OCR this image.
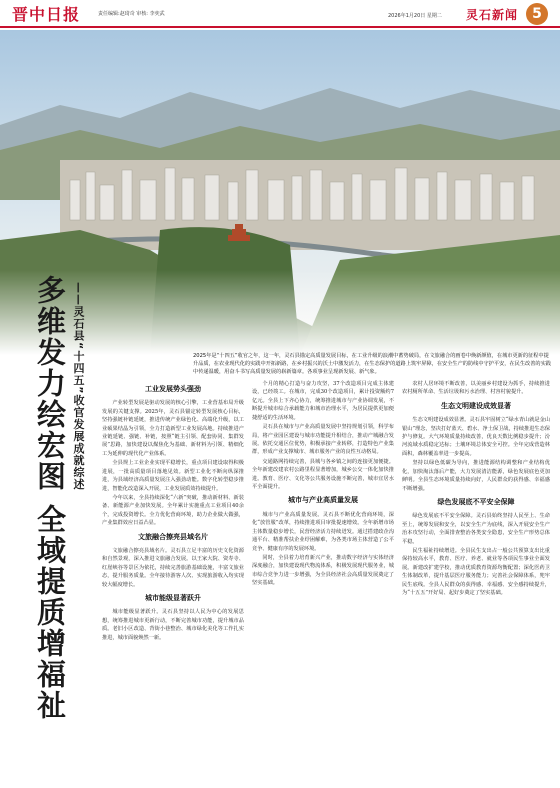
晋中日报	责任编辑:赵琦奇 审核: 李奕武	2026年1月20日 星期二 灵石新闻 5
2025年是“十四五”收官之年，这一年，灵石县锚定高质量发展目标，在工业升级的浪潮中蓄势破局，在文旅融合的画卷中焕新颜值，在城市更新的征程中提升品质，在农业现代化的实践中开拓新路，在乡村振兴的沃土中激发活力，在生态保护的道路上筑牢屏障，在安全生产的防线中守护平安，在民生改善的实践中传递温暖，用奋斗书写高质量发展的崭新篇章。各项事业呈现新发展、新气象。
多维发力绘宏图 全域提质增福祉 ——灵石县“十四五”收官发展成就综述	工业发展势头强劲

产业转型发展是驱动发展的核心引擎，工业营基布局升级发展的关键支撑。2025年，灵石县锚定转型发展核心目标，坚持强链补链延链，推进传统产业绿色化、高端化升级，以工业硕果结晶为引领，全力打造新型工业发展高地。持续推进产业链延链、强链、补链，按照“链主引领、配套协同、集群发展”思路，加快建设以煤焦化为基础、新材料为引领、精细化工为延伸的现代化产业体系。

全县规上工业企业实现平稳增长，重点项目建设取得积极进展，一批高质量项目落地见效。新型工业化不断向纵深推进，为县域经济高质量发展注入强劲动能。数字化转型稳步推进，智能化改造深入开展，工业发展质效持续提升。

今年以来，全县持续深化“六新”突破，推动新材料、新装备、新能源产业加快发展。全年累计实施重点工业项目40余个，完成投资增长。全力优化营商环境，助力企业做大做强，产业集群效应日益凸显。

文旅融合擦亮县域名片

文旅融合擦亮县域名片。灵石县立足丰富的历史文化资源和自然景观，深入推进文旅融合发展。以王家大院、资寿寺、红崖峡谷等景区为依托，持续完善旅游基础设施，丰富文旅业态，提升服务质量。全年接待游客人次、实现旅游收入均实现较大幅度增长。

城市能级显著跃升

城市能级显著跃升。灵石县坚持以人民为中心的发展思想，统筹推进城市更新行动，不断完善城市功能，提升城市品质。老旧小区改造、背街小巷整治、城市绿化美化等工作扎实推进，城市面貌焕然一新。

个月的精心打造与奋力攻坚，37个改造项目完成主体建设，已经竣工。在城市，完成30个改造项目，累计投资额约7亿元。全县上下齐心协力，统筹推进城市与产业协调发展，不断提升城市综合承载能力和城市治理水平，为居民提供更加便捷舒适的生活环境。

灵石县在城市与产业高质量发展中坚持规划引领，科学布局，将产业园区建设与城市功能提升相结合，推动产城融合发展。依托交通区位优势，积极承接产业转移，打造特色产业集群，形成产业支撑城市、城市服务产业的良性互动格局。

交通路网持续完善，县城与各乡镇之间的连接更加便捷。全年新建改建农村公路里程显著增加，城乡公交一体化加快推进。教育、医疗、文化等公共服务设施不断完善，城市宜居水平全面提升。

城市与产业高质量发展

城市与产业高质量发展。灵石县不断优化营商环境，深化“放管服”改革，持续推进项目审批提速增效。全年新增市场主体数量稳步增长，民营经济活力持续迸发。通过搭建政企沟通平台、精准帮扶企业纾困解难，为各类市场主体营造了公平竞争、健康有序的发展环境。

同时，全县着力培育新兴产业，推动数字经济与实体经济深度融合，加快建设现代物流体系，积极发展现代服务业，城市综合竞争力进一步增强，为全县经济社会高质量发展奠定了坚实基础。

农村人居环境不断改善，以美丽乡村建设为抓手，持续推进农村厕所革命、生活垃圾和污水治理、村容村貌提升。

生态文明建设成效显著

生态文明建设成效显著。灵石县牢固树立“绿水青山就是金山银山”理念，坚决打好蓝天、碧水、净土保卫战，持续推进生态保护与修复。大气环境质量持续改善，优良天数比例稳步提升；汾河流域水质稳定达标；土壤环境总体安全可控。全年完成营造林面积，森林覆盖率进一步提高。

坚持以绿色低碳为导向，推进能源结构调整和产业结构优化，加快淘汰落后产能，大力发展清洁能源，绿色发展底色更加鲜明。全县生态环境质量持续向好，人民群众的获得感、幸福感不断增强。

绿色发展底不平安全保障

绿色发展底不平安全保障。灵石县始终坚持人民至上、生命至上，统筹发展和安全，以安全生产为底线，深入开展安全生产治本攻坚行动，全面排查整治各类安全隐患，安全生产形势总体平稳。

民生福祉持续增进。全县民生支出占一般公共预算支出比重保持较高水平，教育、医疗、养老、就业等各项民生事业全面发展。新建改扩建学校，推动优质教育资源均衡配置；深化医药卫生体制改革，提升基层医疗服务能力；完善社会保障体系，兜牢民生底线。全县人民群众的获得感、幸福感、安全感持续提升，为“十五五”开好局、起好步奠定了坚实基础。
